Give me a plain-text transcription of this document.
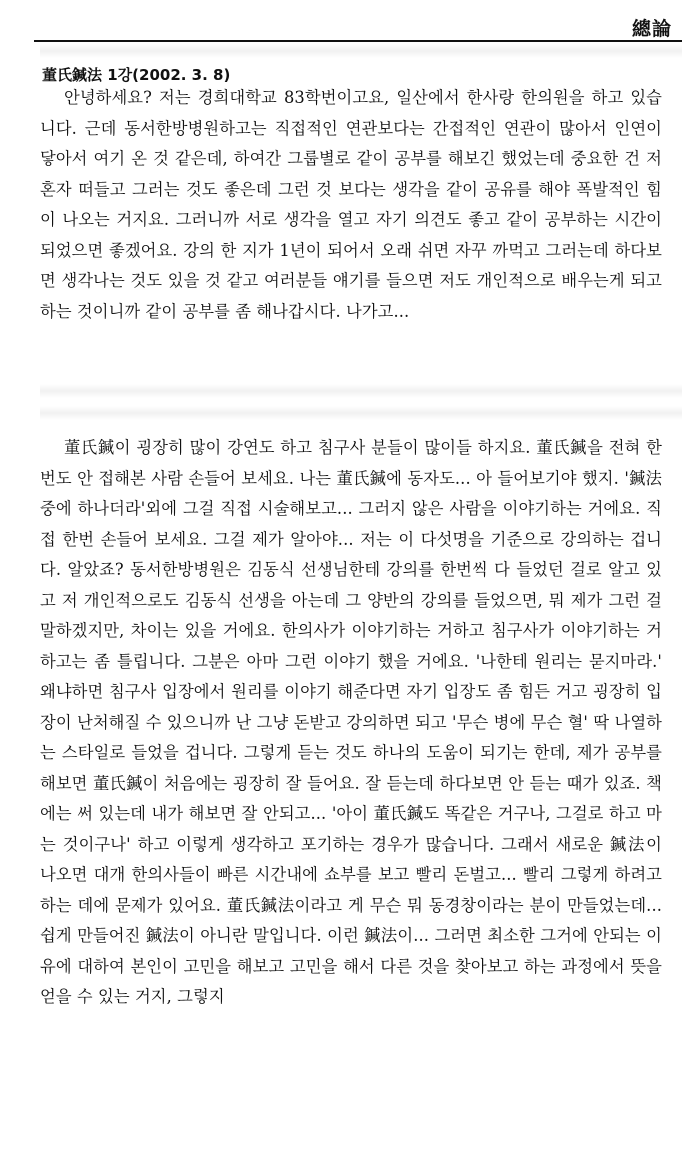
總論
董氏鍼法 1강(2002. 3. 8)

안녕하세요? 저는 경희대학교 83학번이고요, 일산에서 한사랑 한의원을 하고 있습니다. 근데 동서한방병원하고는 직접적인 연관보다는 간접적인 연관이 많아서 인연이 닿아서 여기 온 것 같은데, 하여간 그룹별로 같이 공부를 해보긴 했었는데 중요한 건 저 혼자 떠들고 그러는 것도 좋은데 그런 것 보다는 생각을 같이 공유를 해야 폭발적인 힘이 나오는 거지요. 그러니까 서로 생각을 열고 자기 의견도 좋고 같이 공부하는 시간이 되었으면 좋겠어요. 강의 한 지가 1년이 되어서 오래 쉬면 자꾸 까먹고 그러는데 하다보면 생각나는 것도 있을 것 같고 여러분들 얘기를 들으면 저도 개인적으로 배우는게 되고 하는 것이니까 같이 공부를 좀 해나갑시다. 나가고...

董氏鍼이 굉장히 많이 강연도 하고 침구사 분들이 많이들 하지요. 董氏鍼을 전혀 한번도 안 접해본 사람 손들어 보세요. 나는 董氏鍼에 동자도... 아 들어보기야 했지. '鍼法중에 하나더라'외에 그걸 직접 시술해보고... 그러지 않은 사람을 이야기하는 거에요. 직접 한번 손들어 보세요. 그걸 제가 알아야... 저는 이 다섯명을 기준으로 강의하는 겁니다. 알았죠? 동서한방병원은 김동식 선생님한테 강의를 한번씩 다 들었던 걸로 알고 있고 저 개인적으로도 김동식 선생을 아는데 그 양반의 강의를 들었으면, 뭐 제가 그런 걸 말하겠지만, 차이는 있을 거에요. 한의사가 이야기하는 거하고 침구사가 이야기하는 거하고는 좀 틀립니다. 그분은 아마 그런 이야기 했을 거에요. '나한테 원리는 묻지마라.' 왜냐하면 침구사 입장에서 원리를 이야기 해준다면 자기 입장도 좀 힘든 거고 굉장히 입장이 난처해질 수 있으니까 난 그냥 돈받고 강의하면 되고 '무슨 병에 무슨 혈' 딱 나열하는 스타일로 들었을 겁니다. 그렇게 듣는 것도 하나의 도움이 되기는 한데, 제가 공부를 해보면 董氏鍼이 처음에는 굉장히 잘 들어요. 잘 듣는데 하다보면 안 듣는 때가 있죠. 책에는 써 있는데 내가 해보면 잘 안되고... '아이 董氏鍼도 똑같은 거구나, 그걸로 하고 마는 것이구나' 하고 이렇게 생각하고 포기하는 경우가 많습니다. 그래서 새로운 鍼法이 나오면 대개 한의사들이 빠른 시간내에 쇼부를 보고 빨리 돈벌고... 빨리 그렇게 하려고 하는 데에 문제가 있어요. 董氏鍼法이라고 게 무슨 뭐 동경창이라는 분이 만들었는데... 쉽게 만들어진 鍼法이 아니란 말입니다. 이런 鍼法이... 그러면 최소한 그거에 안되는 이유에 대하여 본인이 고민을 해보고 고민을 해서 다른 것을 찾아보고 하는 과정에서 뜻을 얻을 수 있는 거지, 그렇지
